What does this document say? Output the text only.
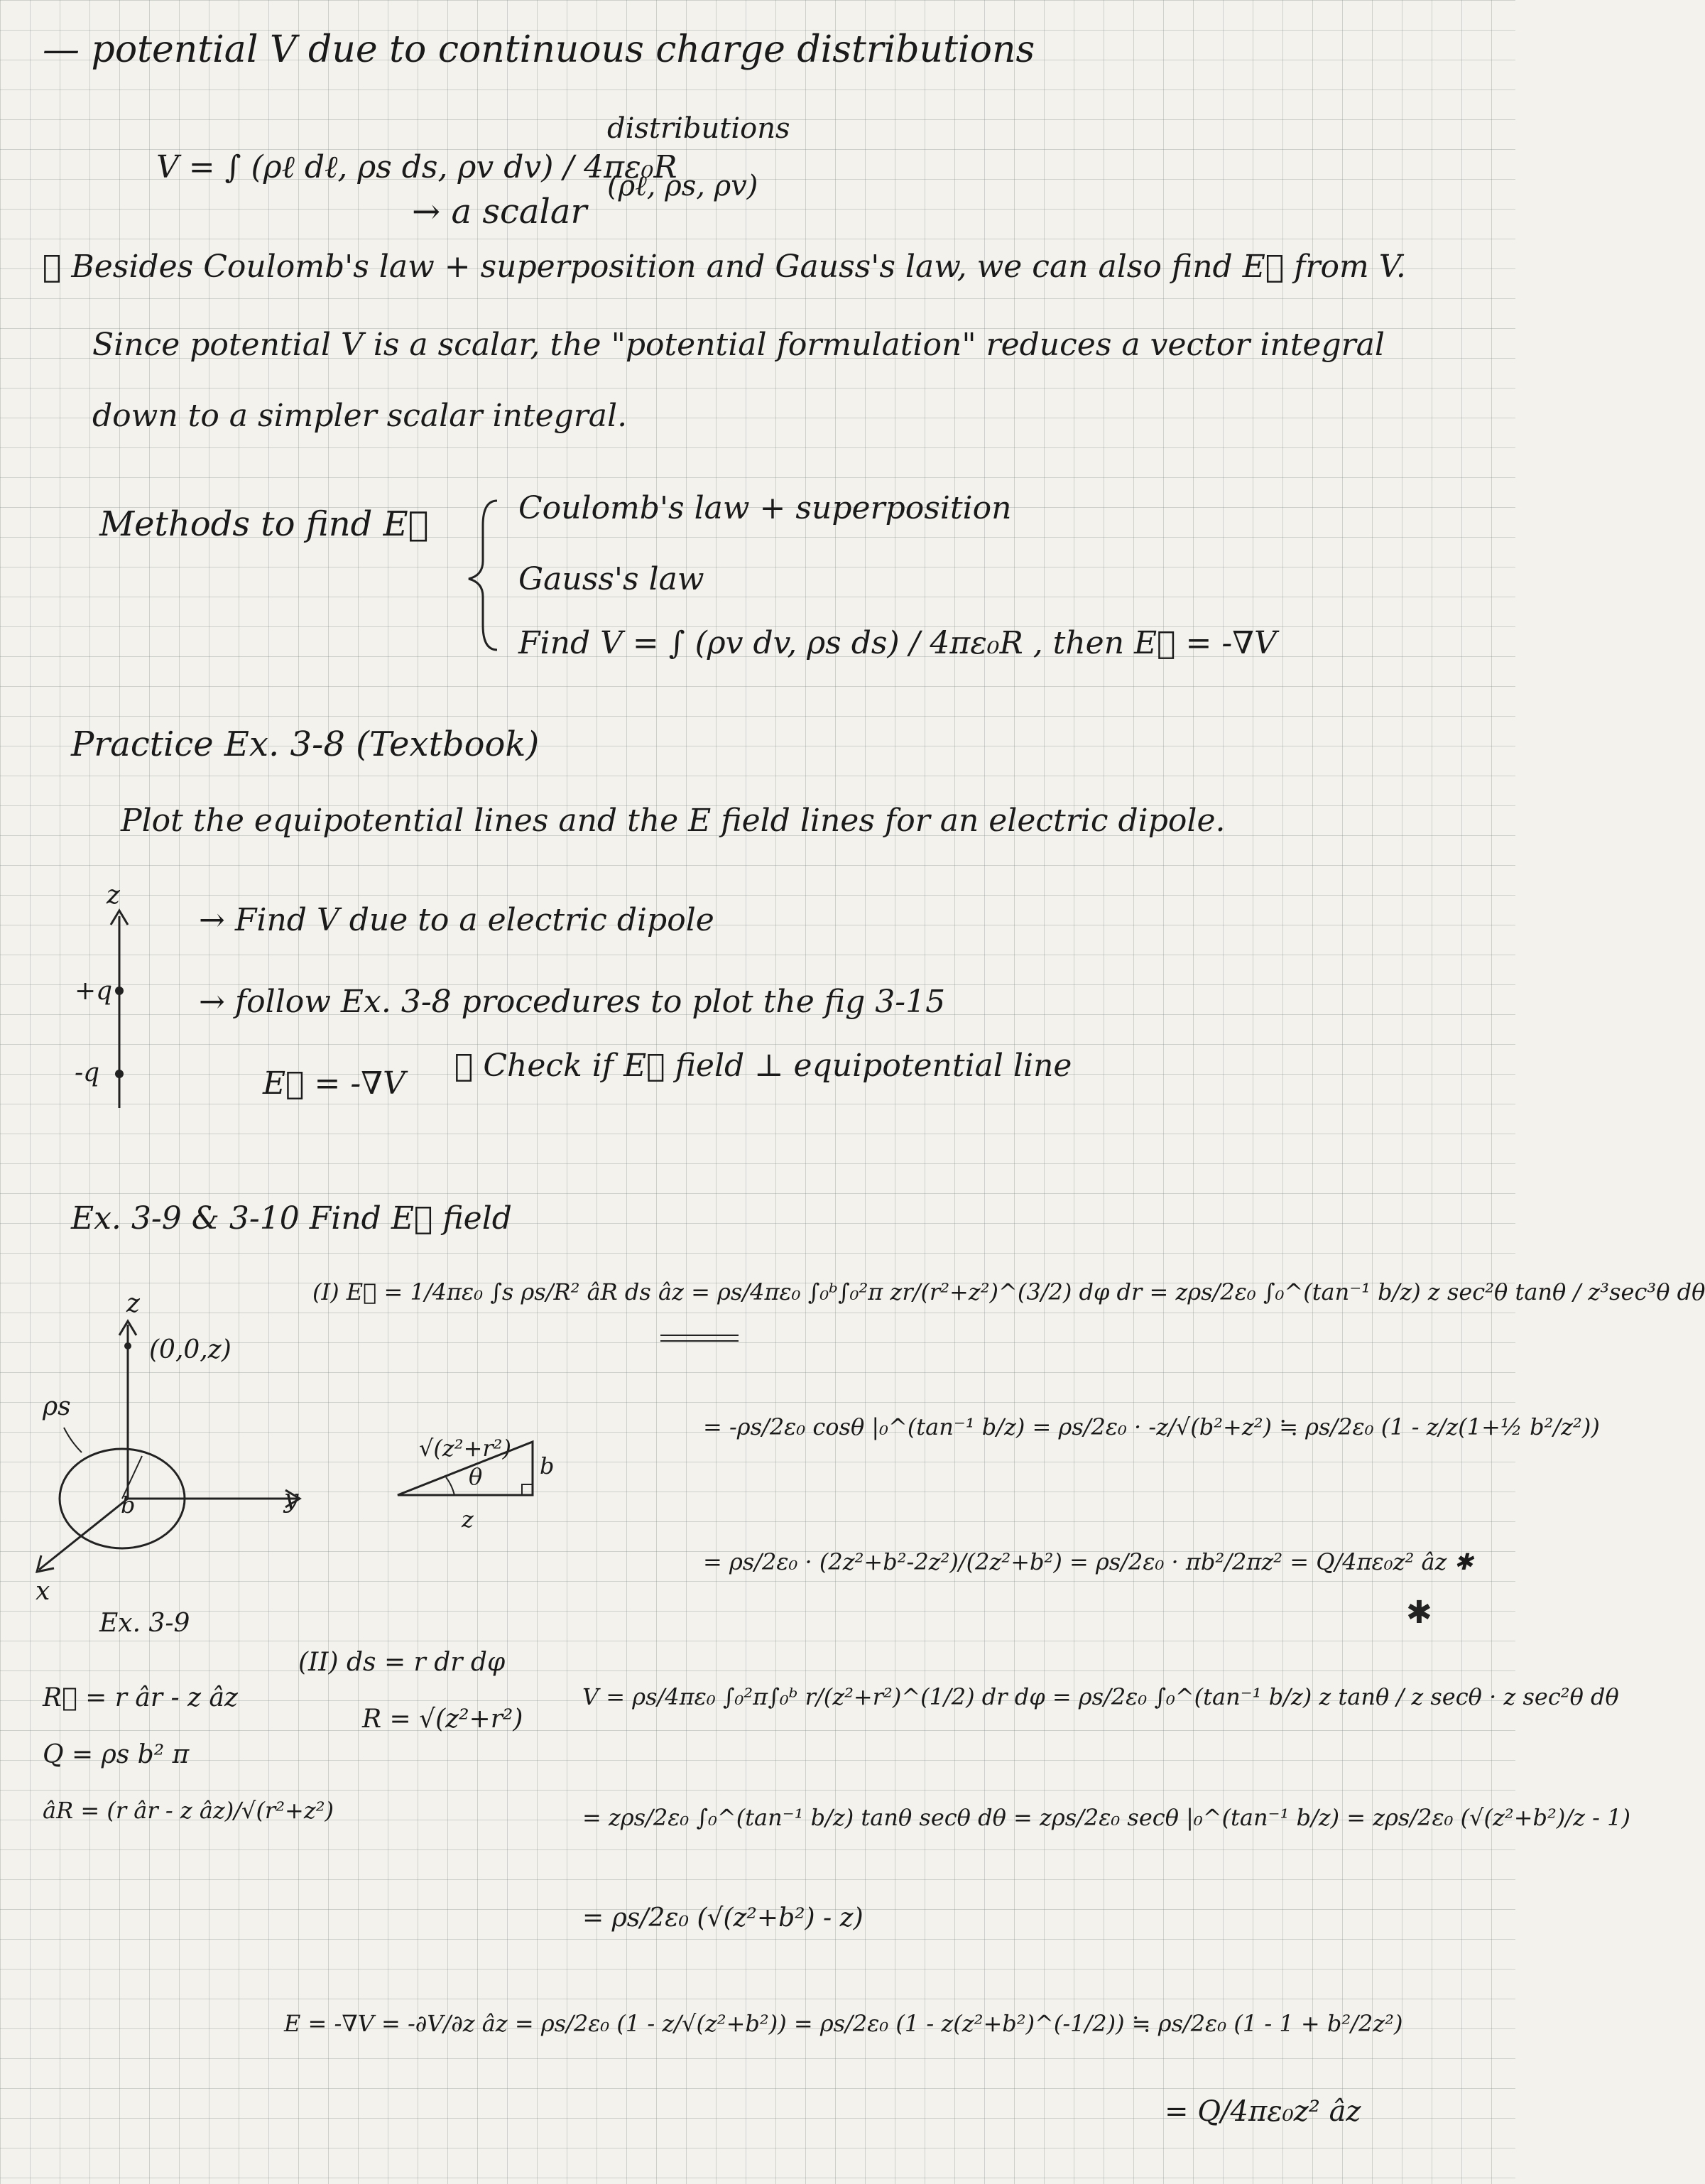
— potential V due to continuous charge distributions
V = ∫ (ρℓ dℓ, ρs ds, ρv dv) / 4πε₀R
→ a scalar
distributions
(ρℓ, ρs, ρv)
⑤ Besides Coulomb's law + superposition and Gauss's law, we can also find E⃗ from V.
Since potential V is a scalar, the "potential formulation" reduces a vector integral
down to a simpler scalar integral.
Methods to find E⃗	Coulomb's law + superposition
Gauss's law
Find V = ∫ (ρv dv, ρs ds) / 4πε₀R , then E⃗ = -∇V
Practice Ex. 3-8 (Textbook)
Plot the equipotential lines and the E field lines for an electric dipole.
z
+q
-q
→ Find V due to a electric dipole
→ follow Ex. 3-8 procedures to plot the fig 3-15
E⃗ = -∇V ✱ Check if E⃗ field ⊥ equipotential line
Ex. 3-9 & 3-10 Find E⃗ field
(I) E⃗ = 1/4πε₀ ∫s ρs/R² âR ds âz = ρs/4πε₀ ∫₀ᵇ∫₀²π zr/(r²+z²)^(3/2) dφ dr = zρs/2ε₀ ∫₀^(tan⁻¹ b/z) z sec²θ tanθ / z³sec³θ dθ
= -ρs/2ε₀ cosθ |₀^(tan⁻¹ b/z) = ρs/2ε₀ · -z/√(b²+z²) ≒ ρs/2ε₀ (1 - z/z(1+½ b²/z²))
= ρs/2ε₀ · (2z²+b²-2z²)/(2z²+b²) = ρs/2ε₀ · πb²/2πz² = Q/4πε₀z² âz ✱
√(z²+r²)
θ	b
z
z
(0,0,z)
ρs
b	y
x
Ex. 3-9
R⃗ = r âr - z âz
Q = ρs b² π
âR = (r âr - z âz)/√(r²+z²)
(II) ds = r dr dφ
R = √(z²+r²)
V = ρs/4πε₀ ∫₀²π∫₀ᵇ r/(z²+r²)^(1/2) dr dφ = ρs/2ε₀ ∫₀^(tan⁻¹ b/z) z tanθ / z secθ · z sec²θ dθ
= zρs/2ε₀ ∫₀^(tan⁻¹ b/z) tanθ secθ dθ = zρs/2ε₀ secθ |₀^(tan⁻¹ b/z) = zρs/2ε₀ (√(z²+b²)/z - 1)
= ρs/2ε₀ (√(z²+b²) - z)
E = -∇V = -∂V/∂z âz = ρs/2ε₀ (1 - z/√(z²+b²)) = ρs/2ε₀ (1 - z(z²+b²)^(-1/2)) ≒ ρs/2ε₀ (1 - 1 + b²/2z²)
= Q/4πε₀z² âz
✱
